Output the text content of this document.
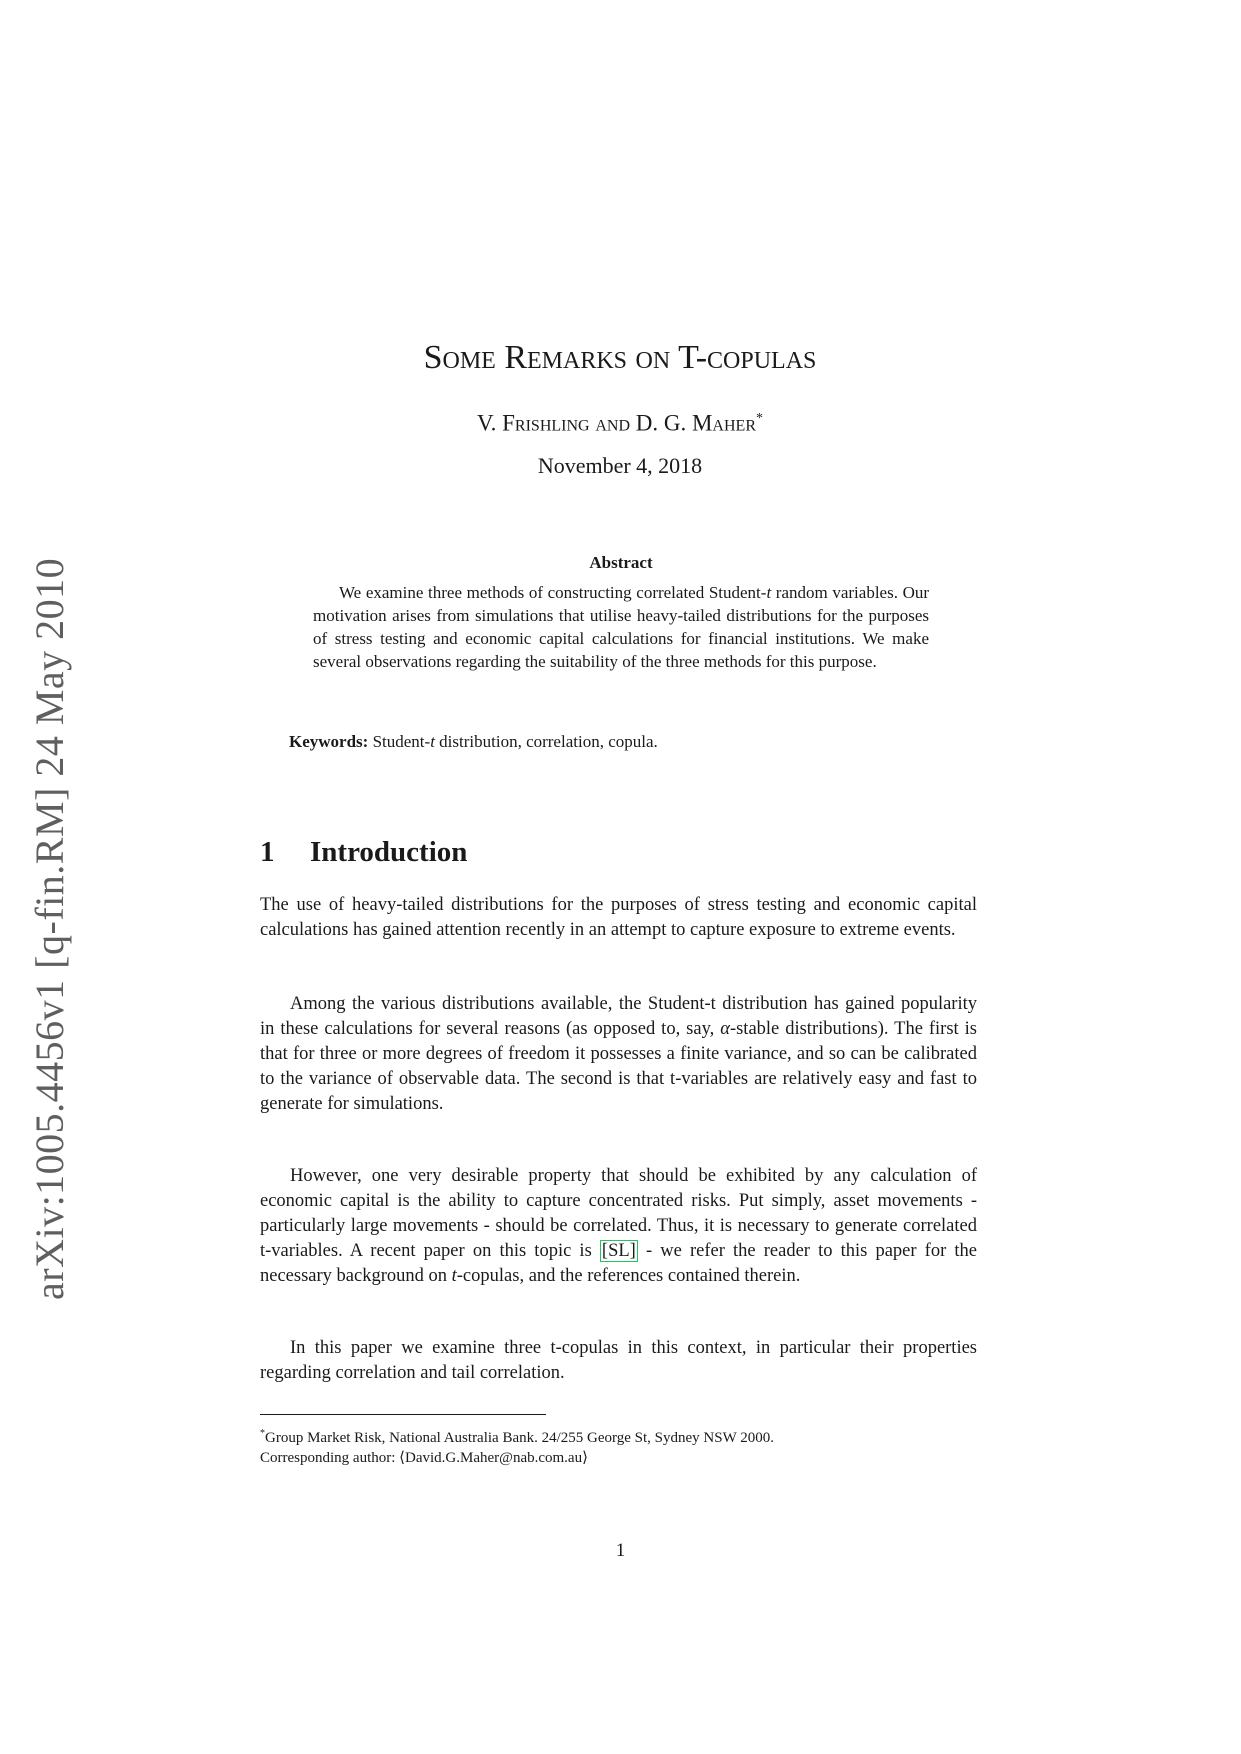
arXiv:1005.4456v1 [q-fin.RM] 24 May 2010
Some Remarks on T-copulas
V. Frishling and D. G. Maher*
November 4, 2018
Abstract

We examine three methods of constructing correlated Student-t random variables. Our motivation arises from simulations that utilise heavy-tailed distributions for the purposes of stress testing and economic capital calculations for financial institutions. We make several observations regarding the suitability of the three methods for this purpose.

Keywords: Student-t distribution, correlation, copula.
1 Introduction

The use of heavy-tailed distributions for the purposes of stress testing and economic capital calculations has gained attention recently in an attempt to capture exposure to extreme events.

Among the various distributions available, the Student-t distribution has gained popularity in these calculations for several reasons (as opposed to, say, α-stable distributions). The first is that for three or more degrees of freedom it possesses a finite variance, and so can be calibrated to the variance of observable data. The second is that t-variables are relatively easy and fast to generate for simulations.

However, one very desirable property that should be exhibited by any calculation of economic capital is the ability to capture concentrated risks. Put simply, asset movements - particularly large movements - should be correlated. Thus, it is necessary to generate correlated t-variables. A recent paper on this topic is [SL] - we refer the reader to this paper for the necessary background on t-copulas, and the references contained therein.

In this paper we examine three t-copulas in this context, in particular their properties regarding correlation and tail correlation.

*Group Market Risk, National Australia Bank. 24/255 George St, Sydney NSW 2000.
Corresponding author: ⟨David.G.Maher@nab.com.au⟩
1
